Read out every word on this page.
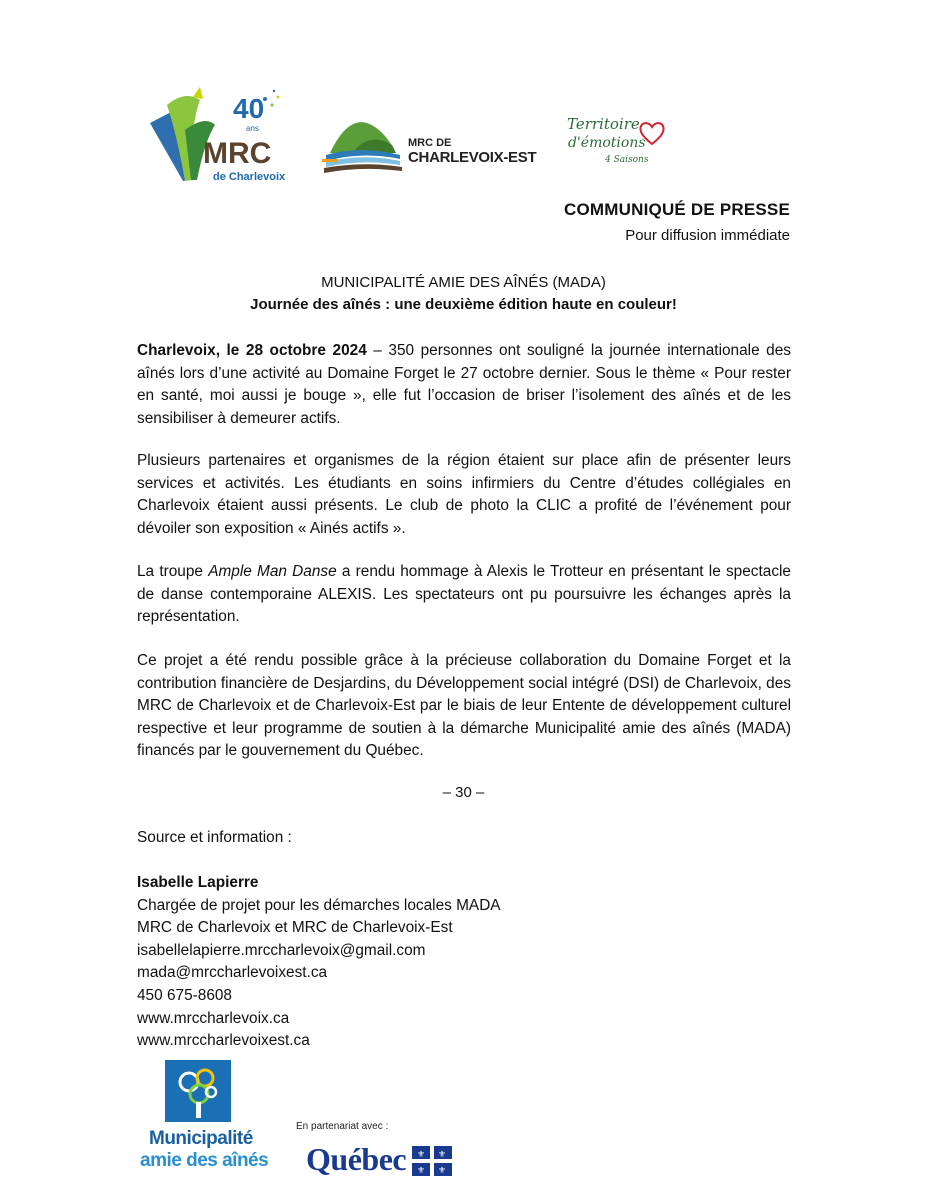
40
ans
MRC
de Charlevoix
MRC DE
CHARLEVOIX-EST
Territoire
d'émotions
4 Saisons
COMMUNIQUÉ DE PRESSE
Pour diffusion immédiate
MUNICIPALITÉ AMIE DES AÎNÉS (MADA)
Journée des aînés : une deuxième édition haute en couleur!
Charlevoix, le 28 octobre 2024 – 350 personnes ont souligné la journée internationale des aînés lors d’une activité au Domaine Forget le 27 octobre dernier. Sous le thème « Pour rester en santé, moi aussi je bouge », elle fut l’occasion de briser l’isolement des aînés et de les sensibiliser à demeurer actifs.
Plusieurs partenaires et organismes de la région étaient sur place afin de présenter leurs services et activités. Les étudiants en soins infirmiers du Centre d’études collégiales en Charlevoix étaient aussi présents. Le club de photo la CLIC a profité de l’événement pour dévoiler son exposition « Ainés actifs ».
La troupe Ample Man Danse a rendu hommage à Alexis le Trotteur en présentant le spectacle de danse contemporaine ALEXIS. Les spectateurs ont pu poursuivre les échanges après la représentation.
Ce projet a été rendu possible grâce à la précieuse collaboration du Domaine Forget et la contribution financière de Desjardins, du Développement social intégré (DSI) de Charlevoix, des MRC de Charlevoix et de Charlevoix-Est par le biais de leur Entente de développement culturel respective et leur programme de soutien à la démarche Municipalité amie des aînés (MADA) financés par le gouvernement du Québec.
– 30 –
Source et information :
Isabelle Lapierre
Chargée de projet pour les démarches locales MADA
MRC de Charlevoix et MRC de Charlevoix-Est
isabellelapierre.mrccharlevoix@gmail.com
mada@mrccharlevoixest.ca
450 675-8608
www.mrccharlevoix.ca
www.mrccharlevoixest.ca
Municipalité
amie des aînés
En partenariat avec :
Québec ⚜ ⚜
⚜ ⚜
